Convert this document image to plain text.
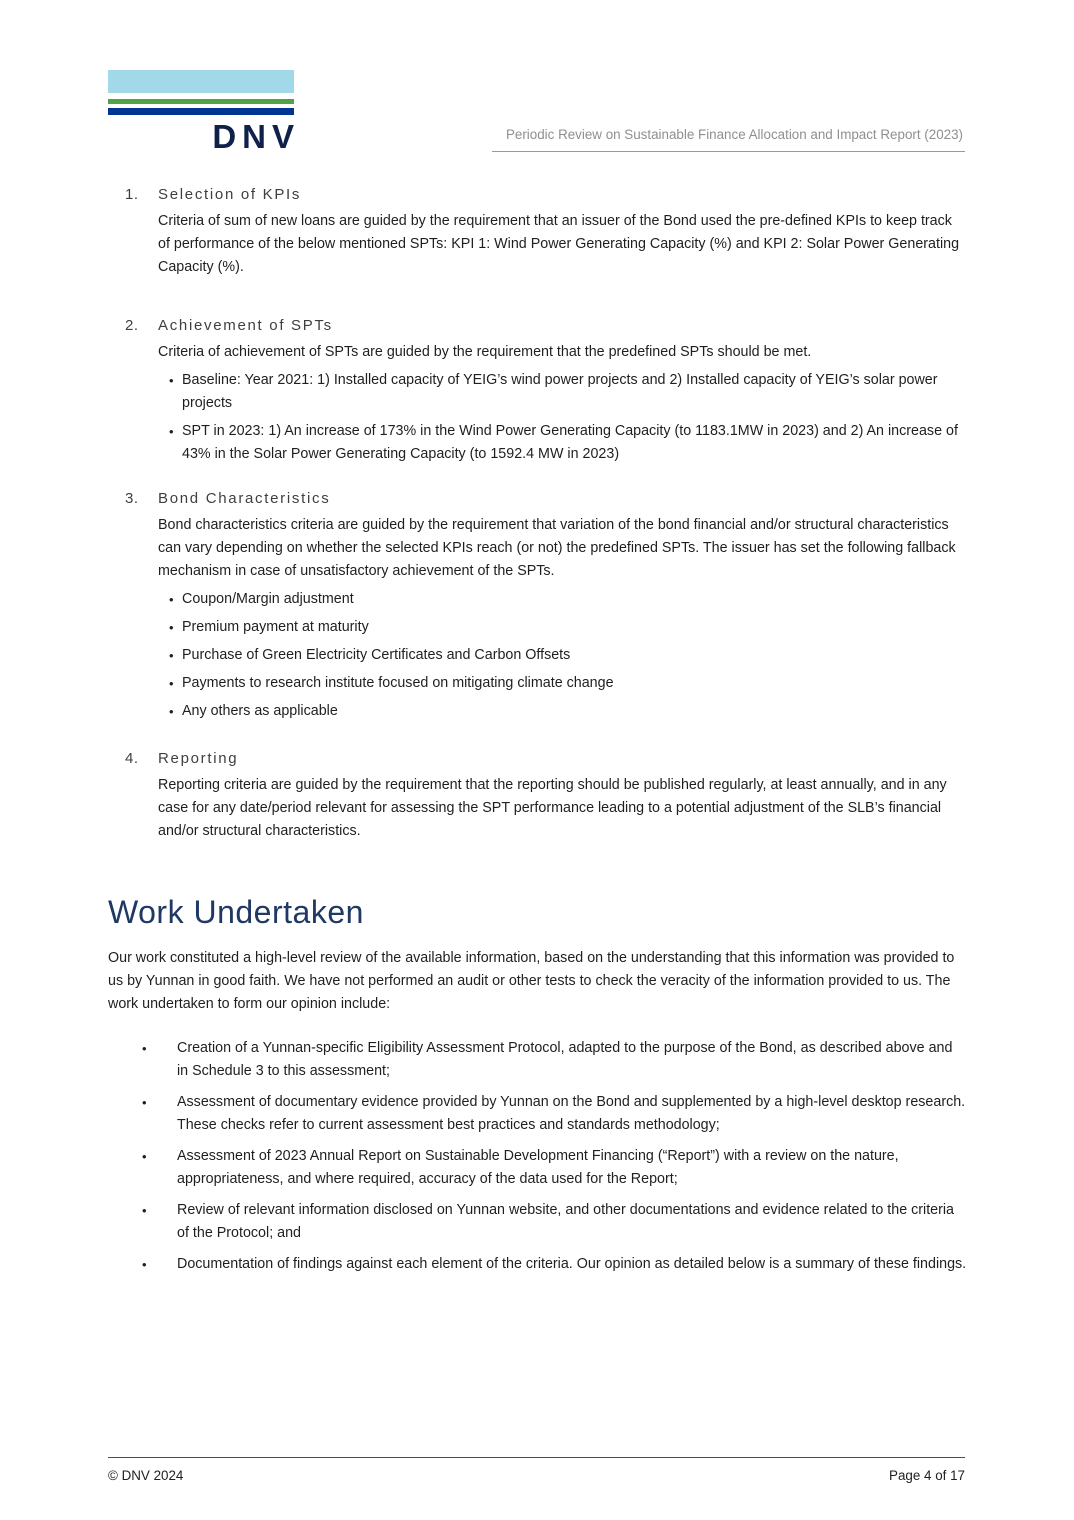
DNV	Periodic Review on Sustainable Finance Allocation and Impact Report (2023)
1.	Selection of KPIs
Criteria of sum of new loans are guided by the requirement that an issuer of the Bond used the pre-defined KPIs to keep track of performance of the below mentioned SPTs: KPI 1: Wind Power Generating Capacity (%) and KPI 2: Solar Power Generating Capacity (%).
2.	Achievement of SPTs
Criteria of achievement of SPTs are guided by the requirement that the predefined SPTs should be met.
• Baseline: Year 2021: 1) Installed capacity of YEIG’s wind power projects and 2) Installed capacity of YEIG’s solar power projects
• SPT in 2023: 1) An increase of 173% in the Wind Power Generating Capacity (to 1183.1MW in 2023) and 2) An increase of 43% in the Solar Power Generating Capacity (to 1592.4 MW in 2023)
3.	Bond Characteristics
Bond characteristics criteria are guided by the requirement that variation of the bond financial and/or structural characteristics can vary depending on whether the selected KPIs reach (or not) the predefined SPTs. The issuer has set the following fallback mechanism in case of unsatisfactory achievement of the SPTs.
• Coupon/Margin adjustment
• Premium payment at maturity
• Purchase of Green Electricity Certificates and Carbon Offsets
• Payments to research institute focused on mitigating climate change
• Any others as applicable
4.	Reporting
Reporting criteria are guided by the requirement that the reporting should be published regularly, at least annually, and in any case for any date/period relevant for assessing the SPT performance leading to a potential adjustment of the SLB’s financial and/or structural characteristics.
Work Undertaken
Our work constituted a high-level review of the available information, based on the understanding that this information was provided to us by Yunnan in good faith. We have not performed an audit or other tests to check the veracity of the information provided to us. The work undertaken to form our opinion include:
• Creation of a Yunnan-specific Eligibility Assessment Protocol, adapted to the purpose of the Bond, as described above and in Schedule 3 to this assessment;
• Assessment of documentary evidence provided by Yunnan on the Bond and supplemented by a high-level desktop research. These checks refer to current assessment best practices and standards methodology;
• Assessment of 2023 Annual Report on Sustainable Development Financing (“Report”) with a review on the nature, appropriateness, and where required, accuracy of the data used for the Report;
• Review of relevant information disclosed on Yunnan website, and other documentations and evidence related to the criteria of the Protocol; and
• Documentation of findings against each element of the criteria. Our opinion as detailed below is a summary of these findings.
© DNV 2024	Page 4 of 17
